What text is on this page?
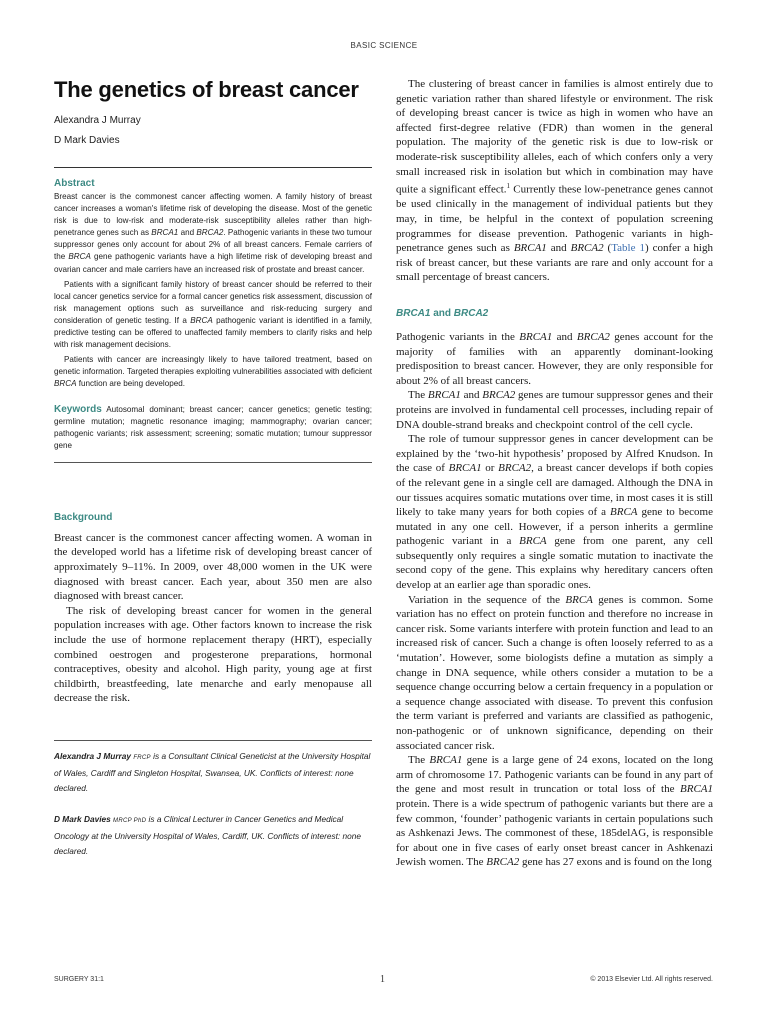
BASIC SCIENCE
The genetics of breast cancer
Alexandra J Murray
D Mark Davies
Abstract

Breast cancer is the commonest cancer affecting women. A family history of breast cancer increases a woman's lifetime risk of developing the disease. Most of the genetic risk is due to low-risk and moderate-risk susceptibility alleles rather than high-penetrance genes such as BRCA1 and BRCA2. Pathogenic variants in these two tumour suppressor genes only account for about 2% of all breast cancers. Female carriers of the BRCA gene pathogenic variants have a high lifetime risk of developing breast and ovarian cancer and male carriers have an increased risk of prostate and breast cancer.

Patients with a significant family history of breast cancer should be referred to their local cancer genetics service for a formal cancer genetics risk assessment, discussion of risk management options such as surveillance and risk-reducing surgery and consideration of genetic testing. If a BRCA pathogenic variant is identified in a family, predictive testing can be offered to unaffected family members to clarify risks and help with risk management decisions.

Patients with cancer are increasingly likely to have tailored treatment, based on genetic information. Targeted therapies exploiting vulnerabilities associated with deficient BRCA function are being developed.

Keywords Autosomal dominant; breast cancer; cancer genetics; genetic testing; germline mutation; magnetic resonance imaging; mammography; ovarian cancer; pathogenic variants; risk assessment; screening; somatic mutation; tumour suppressor gene

Background

Breast cancer is the commonest cancer affecting women. A woman in the developed world has a lifetime risk of developing breast cancer of approximately 9–11%. In 2009, over 48,000 women in the UK were diagnosed with breast cancer. Each year, about 350 men are also diagnosed with breast cancer.

The risk of developing breast cancer for women in the general population increases with age. Other factors known to increase the risk include the use of hormone replacement therapy (HRT), especially combined oestrogen and progesterone preparations, hormonal contraceptives, obesity and alcohol. High parity, young age at first childbirth, breastfeeding, late menarche and early menopause all decrease the risk.

Alexandra J Murray FRCP is a Consultant Clinical Geneticist at the University Hospital of Wales, Cardiff and Singleton Hospital, Swansea, UK. Conflicts of interest: none declared.

D Mark Davies MRCP PhD is a Clinical Lecturer in Cancer Genetics and Medical Oncology at the University Hospital of Wales, Cardiff, UK. Conflicts of interest: none declared.

The clustering of breast cancer in families is almost entirely due to genetic variation rather than shared lifestyle or environment. The risk of developing breast cancer is twice as high in women who have an affected first-degree relative (FDR) than women in the general population. The majority of the genetic risk is due to low-risk or moderate-risk susceptibility alleles, each of which confers only a very small increased risk in isolation but which in combination may have quite a significant effect.$^1$ Currently these low-penetrance genes cannot be used clinically in the management of individual patients but they may, in time, be helpful in the context of population screening programmes for disease prevention. Pathogenic variants in high-penetrance genes such as BRCA1 and BRCA2 (Table 1) confer a high risk of breast cancer, but these variants are rare and only account for a small percentage of breast cancers.

BRCA1 and BRCA2

Pathogenic variants in the BRCA1 and BRCA2 genes account for the majority of families with an apparently dominant-looking predisposition to breast cancer. However, they are only responsible for about 2% of all breast cancers.

The BRCA1 and BRCA2 genes are tumour suppressor genes and their proteins are involved in fundamental cell processes, including repair of DNA double-strand breaks and checkpoint control of the cell cycle.

The role of tumour suppressor genes in cancer development can be explained by the ‘two-hit hypothesis’ proposed by Alfred Knudson. In the case of BRCA1 or BRCA2, a breast cancer develops if both copies of the relevant gene in a single cell are damaged. Although the DNA in our tissues acquires somatic mutations over time, in most cases it is still likely to take many years for both copies of a BRCA gene to become mutated in any one cell. However, if a person inherits a germline pathogenic variant in a BRCA gene from one parent, any cell subsequently only requires a single somatic mutation to inactivate the second copy of the gene. This explains why hereditary cancers often develop at an earlier age than sporadic ones.

Variation in the sequence of the BRCA genes is common. Some variation has no effect on protein function and therefore no increase in cancer risk. Some variants interfere with protein function and lead to an increased risk of cancer. Such a change is often loosely referred to as a ‘mutation’. However, some biologists define a mutation as simply a change in DNA sequence, while others consider a mutation to be a sequence change occurring below a certain frequency in a population or a sequence change associated with disease. To prevent this confusion the term variant is preferred and variants are classified as pathogenic, non-pathogenic or of unknown significance, depending on their associated cancer risk.

The BRCA1 gene is a large gene of 24 exons, located on the long arm of chromosome 17. Pathogenic variants can be found in any part of the gene and most result in truncation or total loss of the BRCA1 protein. There is a wide spectrum of pathogenic variants but there are a few common, ‘founder’ pathogenic variants in certain populations such as Ashkenazi Jews. The commonest of these, 185delAG, is responsible for about one in five cases of early onset breast cancer in Ashkenazi Jewish women. The BRCA2 gene has 27 exons and is found on the long

SURGERY 31:1	1	© 2013 Elsevier Ltd. All rights reserved.
